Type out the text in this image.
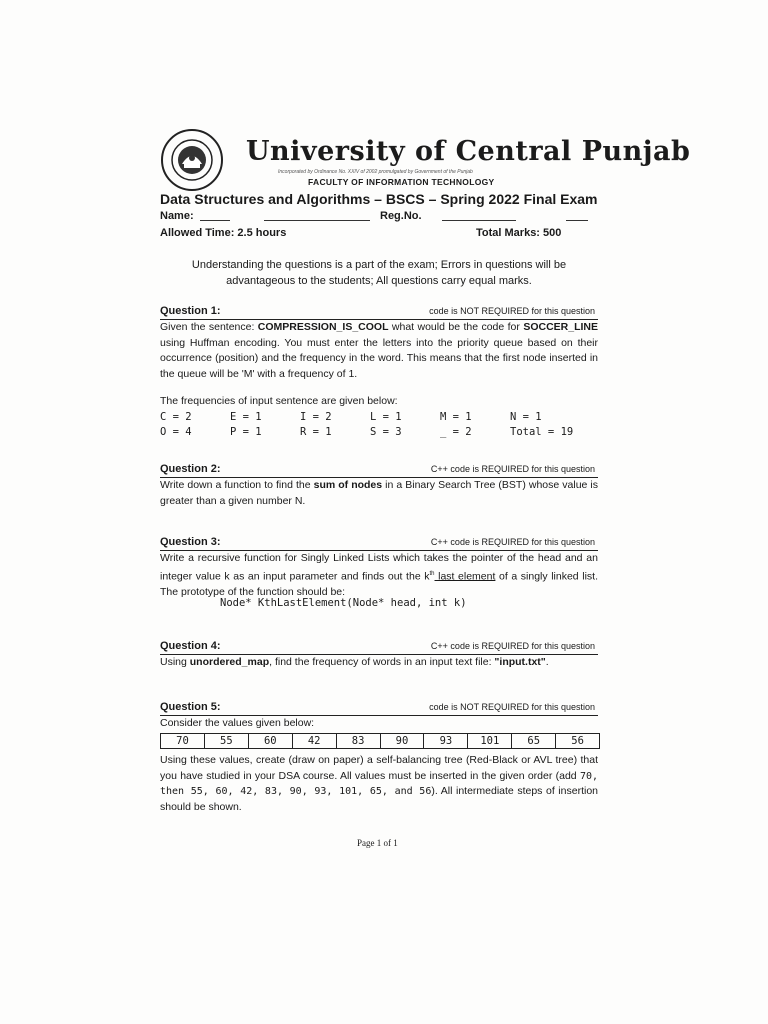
University of Central Punjab
Incorporated by Ordinance No. XXIV of 2002 promulgated by Government of the Punjab
FACULTY OF INFORMATION TECHNOLOGY
Data Structures and Algorithms – BSCS – Spring 2022 Final Exam
Name:	Reg.No.
Allowed Time: 2.5 hours	Total Marks: 500
Understanding the questions is a part of the exam; Errors in questions will be advantageous to the students; All questions carry equal marks.
Question 1:	code is NOT REQUIRED for this question
Given the sentence: COMPRESSION_IS_COOL what would be the code for SOCCER_LINE using Huffman encoding. You must enter the letters into the priority queue based on their occurrence (position) and the frequency in the word. This means that the first node inserted in the queue will be 'M' with a frequency of 1.
The frequencies of input sentence are given below:
C = 2	E = 1	I = 2	L = 1	M = 1	N = 1
O = 4	P = 1	R = 1	S = 3	_ = 2	Total = 19
Question 2:	C++ code is REQUIRED for this question
Write down a function to find the sum of nodes in a Binary Search Tree (BST) whose value is greater than a given number N.
Question 3:	C++ code is REQUIRED for this question
Write a recursive function for Singly Linked Lists which takes the pointer of the head and an integer value k as an input parameter and finds out the $k^{th}$ last element of a singly linked list. The prototype of the function should be:
Node* KthLastElement(Node* head, int k)
Question 4:	C++ code is REQUIRED for this question
Using unordered_map, find the frequency of words in an input text file: "input.txt".
Question 5:	code is NOT REQUIRED for this question
Consider the values given below:
70	55	60	42	83	90	93	101	65	56
Using these values, create (draw on paper) a self-balancing tree (Red-Black or AVL tree) that you have studied in your DSA course. All values must be inserted in the given order (add 70, then 55, 60, 42, 83, 90, 93, 101, 65, and 56). All intermediate steps of insertion should be shown.
Page 1 of 1
